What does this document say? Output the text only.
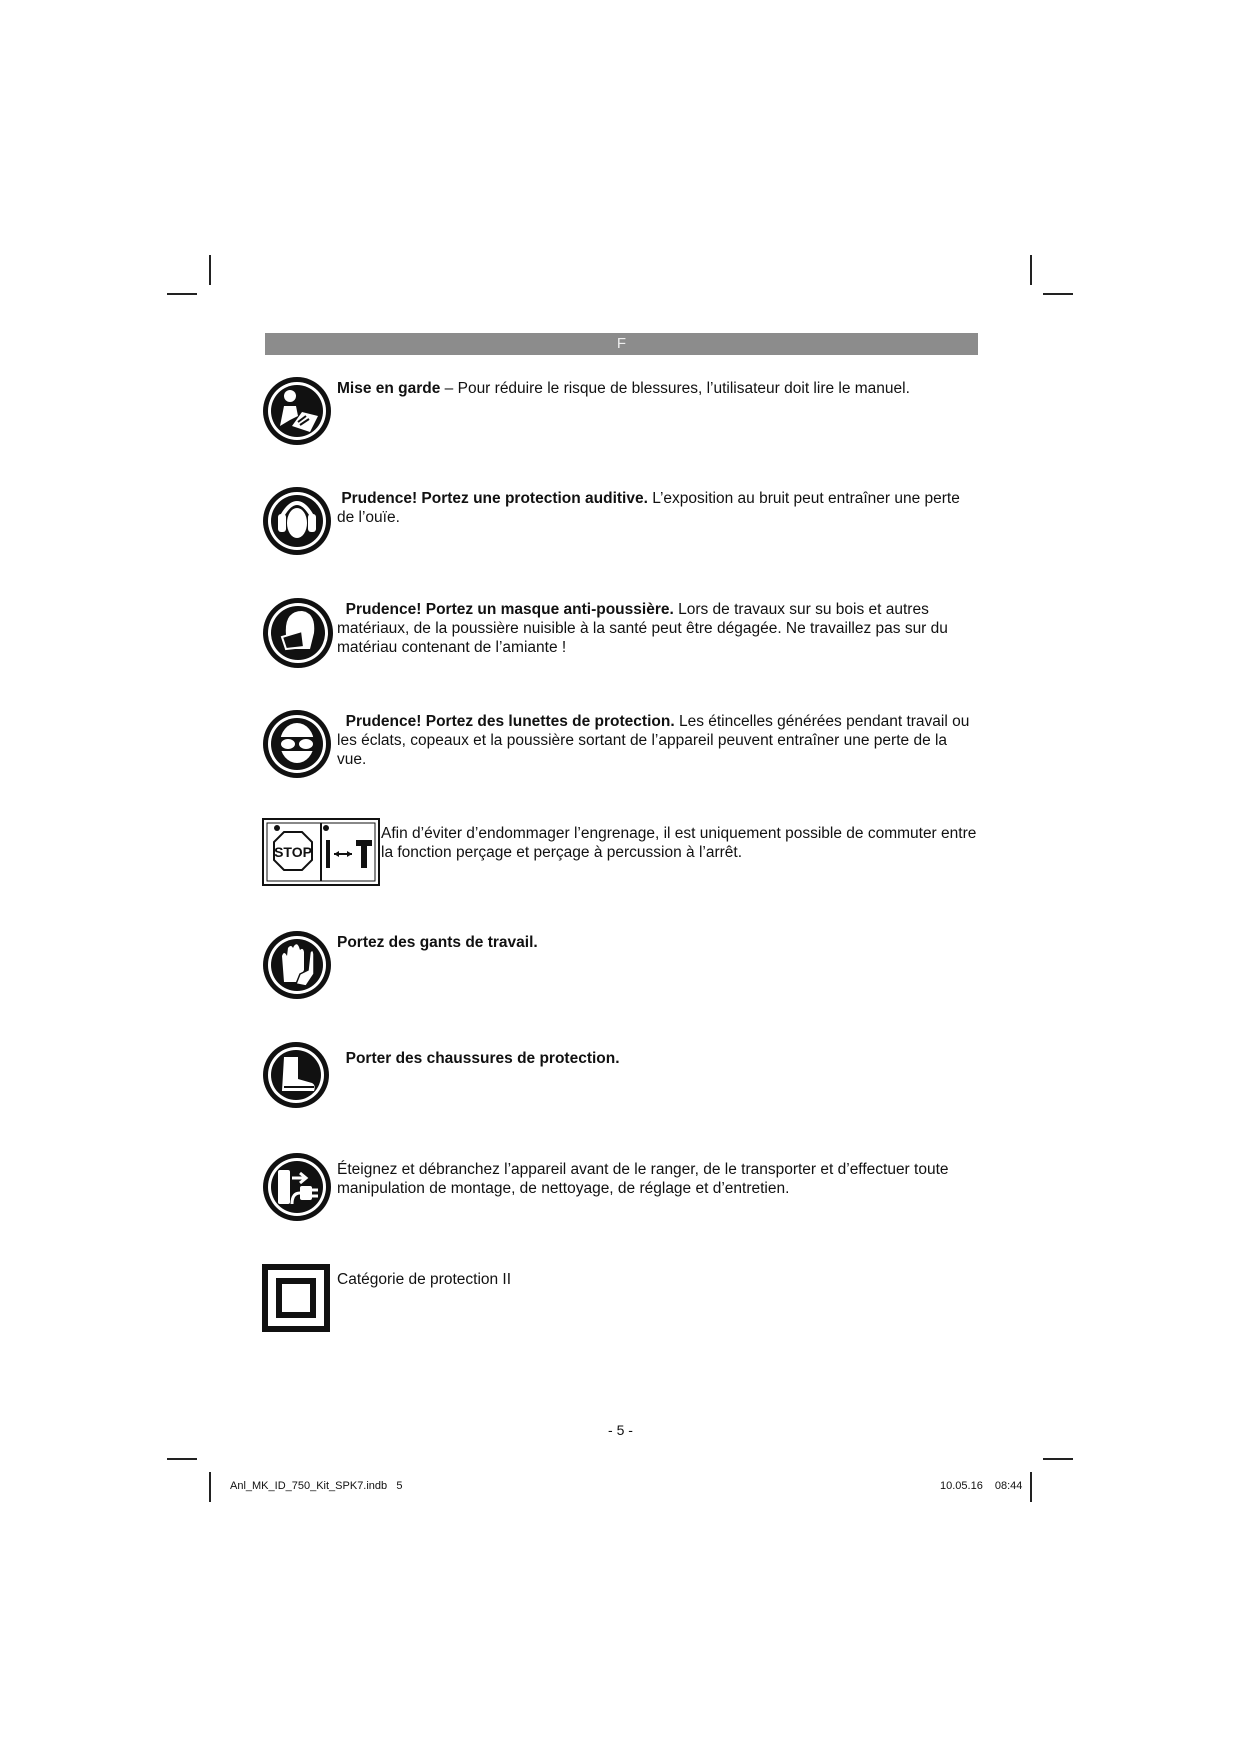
F
Mise en garde – Pour réduire le risque de blessures, l’utilisateur doit lire le manuel.
Prudence! Portez une protection auditive. L’exposition au bruit peut entraîner une perte de l’ouïe.
Prudence! Portez un masque anti-poussière. Lors de travaux sur su bois et autres matériaux, de la poussière nuisible à la santé peut être dégagée. Ne travaillez pas sur du matériau contenant de l’amiante !
Prudence! Portez des lunettes de protection. Les étincelles générées pendant travail ou les éclats, copeaux et la poussière sortant de l’appareil peuvent entraîner une perte de la vue.
STOP
Afin d’éviter d’endommager l’engrenage, il est uniquement possible de commuter entre la fonction perçage et perçage à percussion à l’arrêt.
Portez des gants de travail.
Porter des chaussures de protection.
Éteignez et débranchez l’appareil avant de le ranger, de le transporter et d’effectuer toute manipulation de montage, de nettoyage, de réglage et d’entretien.
Catégorie de protection II
- 5 -
Anl_MK_ID_750_Kit_SPK7.indb   5	10.05.16 08:44
